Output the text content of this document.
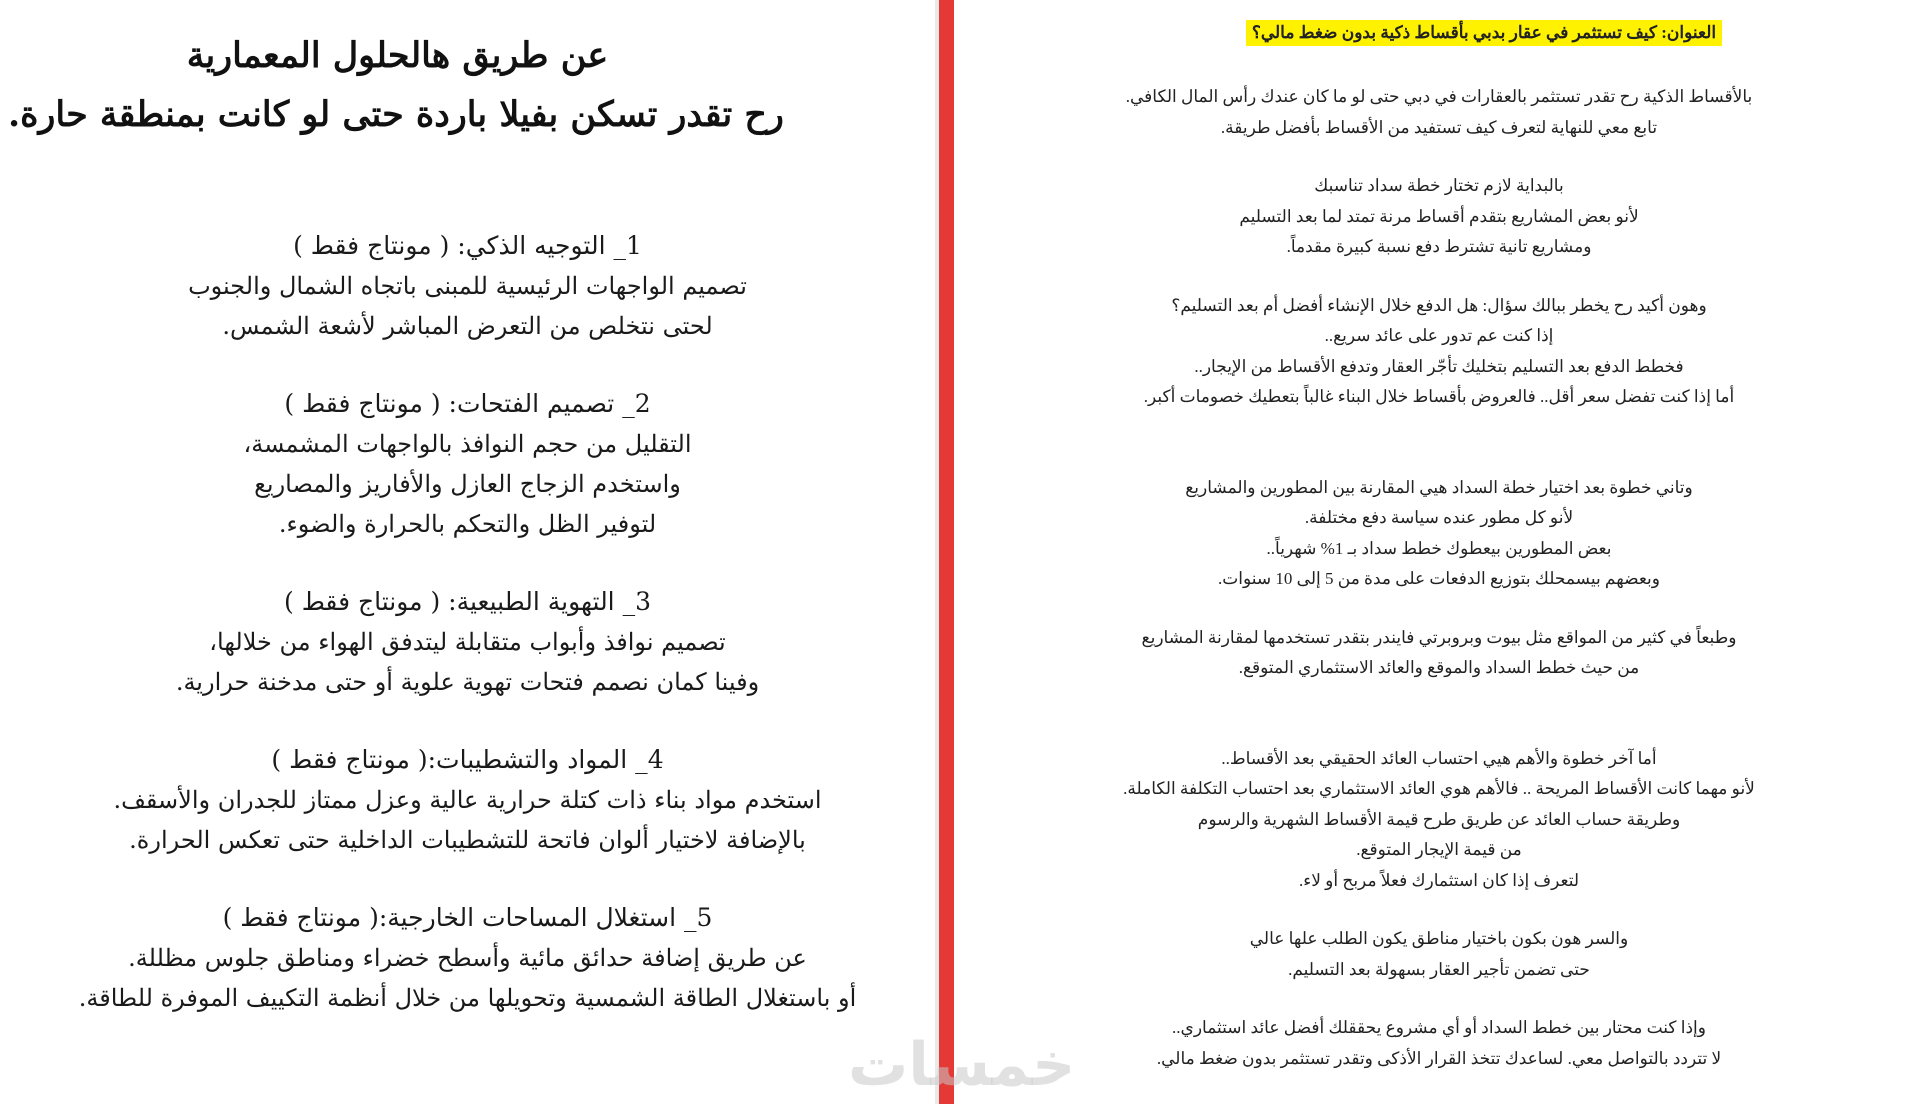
عن طريق هالحلول المعمارية
رح تقدر تسكن بفيلا باردة حتى لو كانت بمنطقة حارة.
1_ التوجيه الذكي: ( مونتاج فقط )
تصميم الواجهات الرئيسية للمبنى باتجاه الشمال والجنوب
لحتى نتخلص من التعرض المباشر لأشعة الشمس.
2_ تصميم الفتحات: ( مونتاج فقط )
التقليل من حجم النوافذ بالواجهات المشمسة،
واستخدم الزجاج العازل والأفاريز والمصاريع
لتوفير الظل والتحكم بالحرارة والضوء.
3_ التهوية الطبيعية: ( مونتاج فقط )
تصميم نوافذ وأبواب متقابلة ليتدفق الهواء من خلالها،
وفينا كمان نصمم فتحات تهوية علوية أو حتى مدخنة حرارية.
4_ المواد والتشطيبات:( مونتاج فقط )
استخدم مواد بناء ذات كتلة حرارية عالية وعزل ممتاز للجدران والأسقف.
بالإضافة لاختيار ألوان فاتحة للتشطيبات الداخلية حتى تعكس الحرارة.
5_ استغلال المساحات الخارجية:( مونتاج فقط )
عن طريق إضافة حدائق مائية وأسطح خضراء ومناطق جلوس مظللة.
أو باستغلال الطاقة الشمسية وتحويلها من خلال أنظمة التكييف الموفرة للطاقة.
العنوان: كيف تستثمر في عقار بدبي بأقساط ذكية بدون ضغط مالي؟
بالأقساط الذكية رح تقدر تستثمر بالعقارات في دبي حتى لو ما كان عندك رأس المال الكافي.
تابع معي للنهاية لتعرف كيف تستفيد من الأقساط بأفضل طريقة.
بالبداية لازم تختار خطة سداد تناسبك
لأنو بعض المشاريع بتقدم أقساط مرنة تمتد لما بعد التسليم
ومشاريع تانية تشترط دفع نسبة كبيرة مقدماً.
وهون أكيد رح يخطر ببالك سؤال: هل الدفع خلال الإنشاء أفضل أم بعد التسليم؟
إذا كنت عم تدور على عائد سريع..
فخطط الدفع بعد التسليم بتخليك تأجّر العقار وتدفع الأقساط من الإيجار..
أما إذا كنت تفضل سعر أقل.. فالعروض بأقساط خلال البناء غالباً بتعطيك خصومات أكبر.
وتاني خطوة بعد اختيار خطة السداد هيي المقارنة بين المطورين والمشاريع
لأنو كل مطور عنده سياسة دفع مختلفة.
بعض المطورين بيعطوك خطط سداد بـ 1% شهرياً..
وبعضهم بيسمحلك بتوزيع الدفعات على مدة من 5 إلى 10 سنوات.
وطبعاً في كثير من المواقع مثل بيوت وبروبرتي فايندر بتقدر تستخدمها لمقارنة المشاريع
من حيث خطط السداد والموقع والعائد الاستثماري المتوقع.
أما آخر خطوة والأهم هيي احتساب العائد الحقيقي بعد الأقساط..
لأنو مهما كانت الأقساط المريحة .. فالأهم هوي العائد الاستثماري بعد احتساب التكلفة الكاملة.
وطريقة حساب العائد عن طريق طرح قيمة الأقساط الشهرية والرسوم
من قيمة الإيجار المتوقع.
لتعرف إذا كان استثمارك فعلاً مربح أو لاء.
والسر هون بكون باختيار مناطق يكون الطلب علها عالي
حتى تضمن تأجير العقار بسهولة بعد التسليم.
وإذا كنت محتار بين خطط السداد أو أي مشروع يحققلك أفضل عائد استثماري..
لا تتردد بالتواصل معي. لساعدك تتخذ القرار الأذكى وتقدر تستثمر بدون ضغط مالي.
خمسات
